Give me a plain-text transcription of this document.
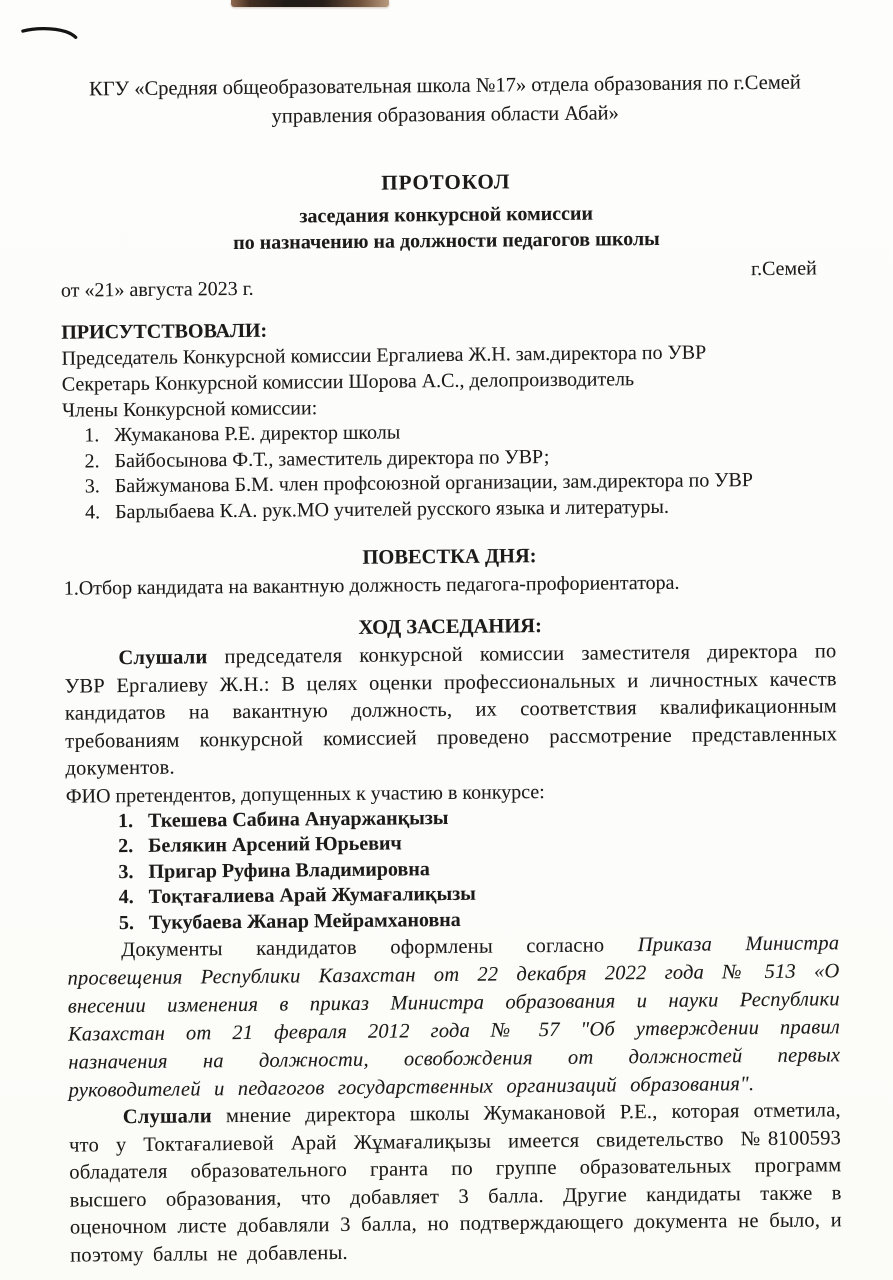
КГУ «Средняя общеобразовательная школа №17» отдела образования по г.Семей
управления образования области Абай»
ПРОТОКОЛ
заседания конкурсной комиссии
по назначению на должности педагогов школы
г.Семей
от «21» августа 2023 г.
ПРИСУТСТВОВАЛИ:
Председатель Конкурсной комиссии Ергалиева Ж.Н. зам.директора по УВР
Секретарь Конкурсной комиссии Шорова А.С., делопроизводитель
Члены Конкурсной комиссии:
1. Жумаканова Р.Е. директор школы
2. Байбосынова Ф.Т., заместитель директора по УВР;
3. Байжуманова Б.М. член профсоюзной организации, зам.директора по УВР
4. Барлыбаева К.А. рук.МО учителей русского языка и литературы.
ПОВЕСТКА ДНЯ:
1.Отбор кандидата на вакантную должность педагога-профориентатора.
ХОД ЗАСЕДАНИЯ:

Слушали председателя конкурсной комиссии заместителя директора по УВР Ергалиеву Ж.Н.: В целях оценки профессиональных и личностных качеств кандидатов на вакантную должность, их соответствия квалификационным требованиям конкурсной комиссией проведено рассмотрение представленных документов.

ФИО претендентов, допущенных к участию в конкурсе:
1. Ткешева Сабина Ануаржанқызы
2. Белякин Арсений Юрьевич
3. Пригар Руфина Владимировна
4. Тоқтағалиева Арай Жумағалиқызы
5. Тукубаева Жанар Мейрамхановна

Документы кандидатов оформлены согласно Приказа Министра просвещения Республики Казахстан от 22 декабря 2022 года № 513 «О внесении изменения в приказ Министра образования и науки Республики Казахстан от 21 февраля 2012 года № 57 "Об утверждении правил назначения на должности, освобождения от должностей первых руководителей и педагогов государственных организаций образования".

Слушали мнение директора школы Жумакановой Р.Е., которая отметила, что у Токтағалиевой Арай Жұмағалиқызы имеется свидетельство №8100593 обладателя образовательного гранта по группе образовательных программ высшего образования, что добавляет 3 балла. Другие кандидаты также в оценочном листе добавляли 3 балла, но подтверждающего документа не было, и поэтому баллы не добавлены.
